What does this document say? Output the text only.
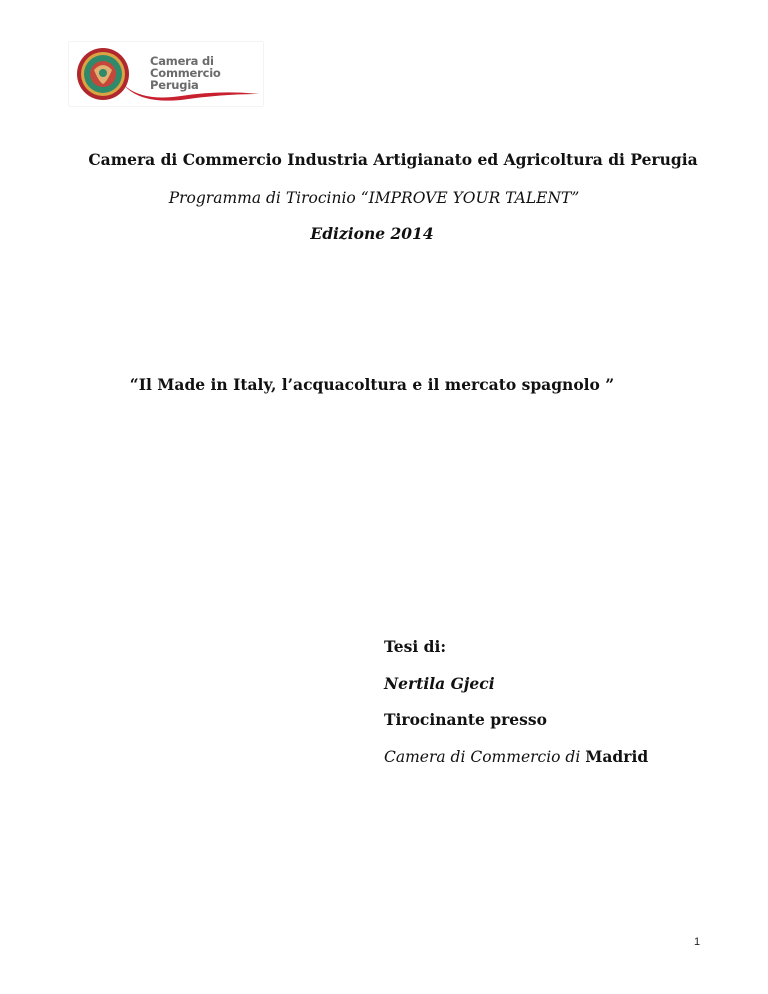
Camera di Commercio
Perugia
Camera di Commercio Industria Artigianato ed Agricoltura di Perugia
Programma di Tirocinio “IMPROVE YOUR TALENT”
Edizione 2014
“Il Made in Italy, l’acquacoltura e il mercato spagnolo ”
Tesi di:
Nertila Gjeci
Tirocinante presso
Camera di Commercio di Madrid
1
